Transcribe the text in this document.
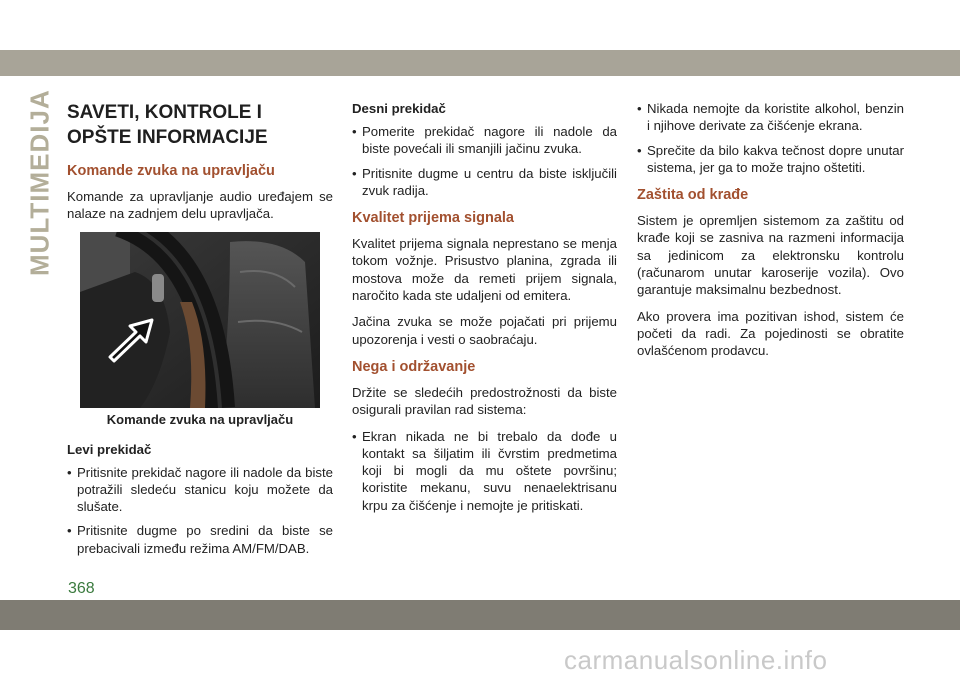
MULTIMEDIJA SAVETI, KONTROLE I
OPŠTE INFORMACIJE
Komande zvuka na upravljaču

Komande za upravljanje audio uređajem se nalaze na zadnjem delu upravljača.

Komande zvuka na upravljaču
Levi prekidač
• Pritisnite prekidač nagore ili nadole da biste potražili sledeću stanicu koju možete da slušate.
• Pritisnite dugme po sredini da biste se prebacivali između režima AM/FM/DAB.
Desni prekidač
• Pomerite prekidač nagore ili nadole da biste povećali ili smanjili jačinu zvuka.
• Pritisnite dugme u centru da biste isključili zvuk radija.
Kvalitet prijema signala

Kvalitet prijema signala neprestano se menja tokom vožnje. Prisustvo planina, zgrada ili mostova može da remeti prijem signala, naročito kada ste udaljeni od emitera.

Jačina zvuka se može pojačati pri prijemu upozorenja i vesti o saobraćaju.

Nega i održavanje

Držite se sledećih predostrožnosti da biste osigurali pravilan rad sistema:

• Ekran nikada ne bi trebalo da dođe u kontakt sa šiljatim ili čvrstim predmetima koji bi mogli da mu oštete površinu; koristite mekanu, suvu nenaelektrisanu krpu za čišćenje i nemojte je pritiskati.
• Nikada nemojte da koristite alkohol, benzin i njihove derivate za čišćenje ekrana.
• Sprečite da bilo kakva tečnost dopre unutar sistema, jer ga to može trajno oštetiti.
Zaštita od krađe

Sistem je opremljen sistemom za zaštitu od krađe koji se zasniva na razmeni informacija sa jedinicom za elektronsku kontrolu (računarom unutar karoserije vozila). Ovo garantuje maksimalnu bezbednost.

Ako provera ima pozitivan ishod, sistem će početi da radi. Za pojedinosti se obratite ovlašćenom prodavcu.

368
carmanualsonline.info
